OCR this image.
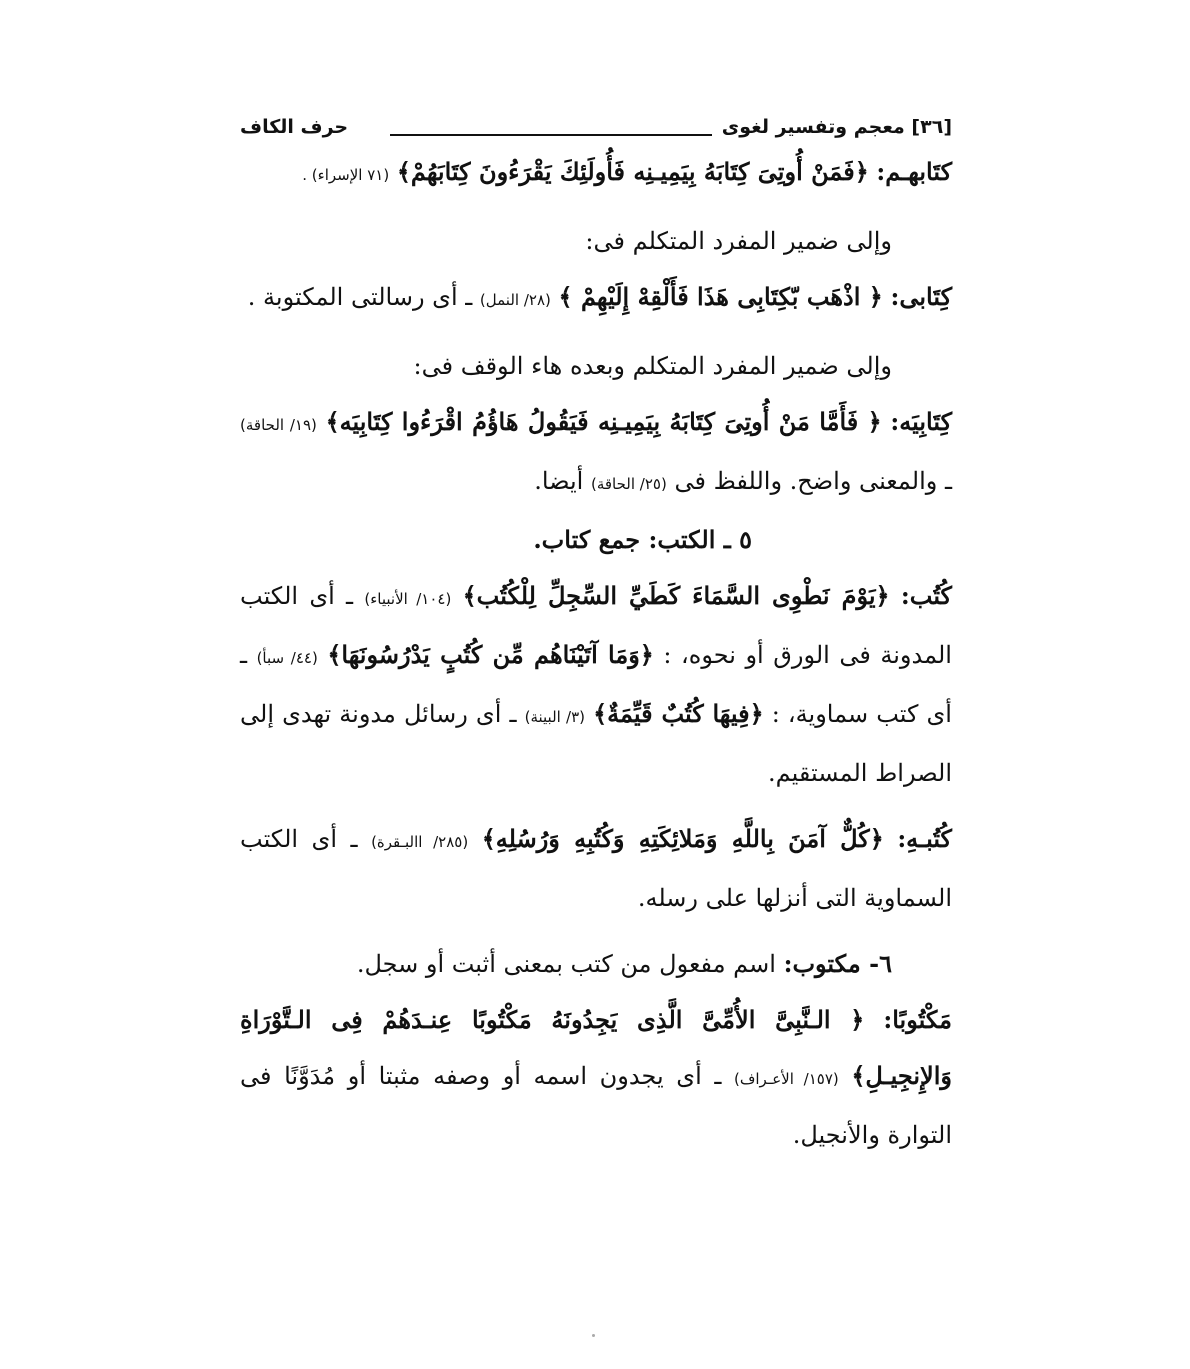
[٣٦] معجم وتفسير لغوى
حرف الكاف

كتَابهـم: ﴿فَمَنْ أُوتِىَ كِتَابَهُ بِيَمِيـنِه فَأُولَئِكَ يَقْرَءُونَ كِتَابَهُمْ﴾ (٧١ الإسراء) .

وإلى ضمير المفرد المتكلم فى:

كِتَابى: ﴿ اذْهَب بّكِتَابِى هَذَا فَأَلْقِهْ إِلَيْهِمْ ﴾ (٢٨/ النمل) ـ أى رسالتى المكتوبة .

وإلى ضمير المفرد المتكلم وبعده هاء الوقف فى:

كِتَابِيَه: ﴿ فَأَمَّا مَنْ أُوتِىَ كِتَابَهُ بِيَمِيـنِه فَيَقُولُ هَاؤُمُ اقْرَءُوا كِتَابِيَه﴾ (١٩/ الحاقة) ـ والمعنى واضح. واللفظ فى (٢٥/ الحاقة) أيضا.

٥ ـ الكتب: جمع كتاب.

كُتُب: ﴿يَوْمَ نَطْوِى السَّمَاءَ كَطَيِّ السِّجِلِّ لِلْكُتُب﴾ (١٠٤/ الأنبياء) ـ أى الكتب المدونة فى الورق أو نحوه، : ﴿وَمَا آتَيْنَاهُم مِّن كُتُبٍ يَدْرُسُونَهَا﴾ (٤٤/ سبأ) ـ أى كتب سماوية، : ﴿فِيهَا كُتُبٌ قَيِّمَةٌ﴾ (٣/ البينة) ـ أى رسائل مدونة تهدى إلى الصراط المستقيم.

كُتُبـهِ: ﴿كُلٌّ آمَنَ بِاللَّهِ وَمَلائِكَتِهِ وَكُتُبِهِ وَرُسُلِهِ﴾ (٢٨٥/ االبـقرة) ـ أى الكتب السماوية التى أنزلها على رسله.

٦- مكتوب: اسم مفعول من كتب بمعنى أثبت أو سجل.

مَكْتُوبًا: ﴿ الـنَّبِىَّ الأُمِّىَّ الَّذِى يَجِدُونَهُ مَكْتُوبًا عِنـدَهُمْ فِى الـتَّوْرَاةِ وَالإِنجِيـلِ﴾ (١٥٧/ الأعـراف) ـ أى يجدون اسمه أو وصفه مثبتا أو مُدَوَّنًا فى التوارة والأنجيل.
